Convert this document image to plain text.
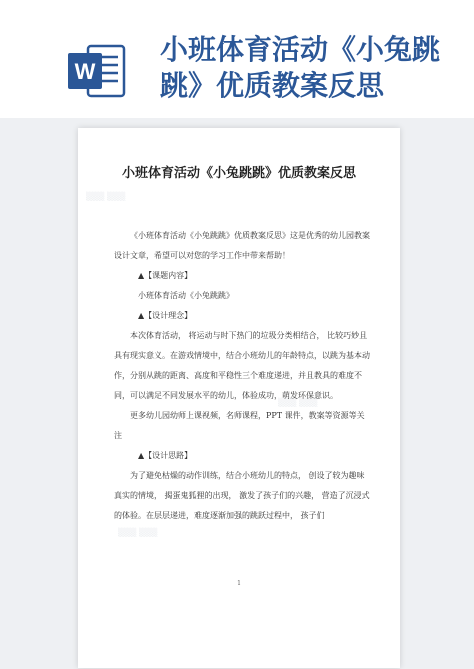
W
小班体育活动《小兔跳跳》优质教案反思
▒▒▒ ▒▒▒
▒▒▒ ▒▒▒
▒▒▒ ▒▒▒
小班体育活动《小兔跳跳》优质教案反思

《小班体育活动《小兔跳跳》优质教案反思》这是优秀的幼儿园教案设计文章，希望可以对您的学习工作中带来帮助！

▲【课题内容】

小班体育活动《小兔跳跳》

▲【设计理念】

本次体育活动， 将运动与时下热门的垃圾分类相结合， 比较巧妙且具有现实意义。在游戏情境中，结合小班幼儿的年龄特点，以跳为基本动作，分别从跳的距离、高度和平稳性三个难度递进，并且教具的难度不同，可以满足不同发展水平的幼儿，体验成功，萌发环保意识。

更多幼儿园幼师上课视频，名师课程，PPT 课件，教案等资源等关注

▲【设计思路】

为了避免枯燥的动作训练，结合小班幼儿的特点， 创设了较为趣味真实的情境， 揭蛋鬼狐狸的出现， 激发了孩子们的兴趣， 营造了沉浸式的体验。在层层递进，难度逐渐加强的跳跃过程中， 孩子们

1
